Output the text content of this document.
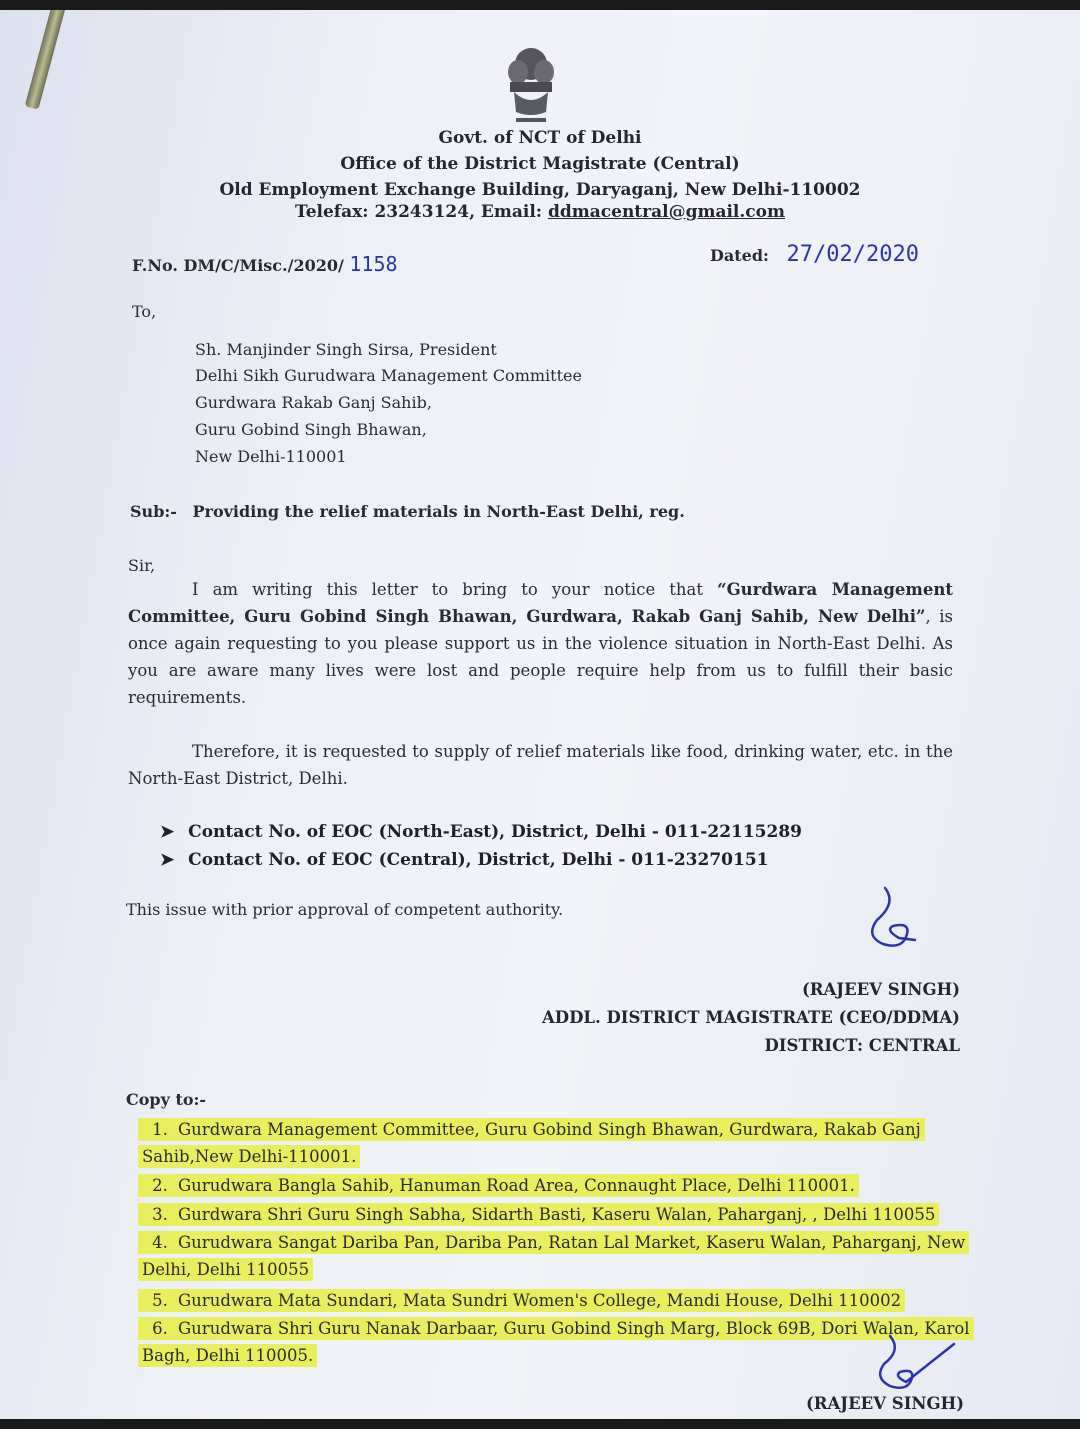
Govt. of NCT of Delhi
Office of the District Magistrate (Central)
Old Employment Exchange Building, Daryaganj, New Delhi-110002
Telefax: 23243124, Email: ddmacentral@gmail.com
F.No. DM/C/Misc./2020/ 1158	Dated: 27/02/2020
To,
Sh. Manjinder Singh Sirsa, President
Delhi Sikh Gurudwara Management Committee
Gurdwara Rakab Ganj Sahib,
Guru Gobind Singh Bhawan,
New Delhi-110001
Sub:- Providing the relief materials in North-East Delhi, reg.
Sir,
I am writing this letter to bring to your notice that “Gurdwara Management Committee, Guru Gobind Singh Bhawan, Gurdwara, Rakab Ganj Sahib, New Delhi”, is once again requesting to you please support us in the violence situation in North-East Delhi. As you are aware many lives were lost and people require help from us to fulfill their basic requirements.
Therefore, it is requested to supply of relief materials like food, drinking water, etc. in the North-East District, Delhi.
➤ Contact No. of EOC (North-East), District, Delhi - 011-22115289
➤ Contact No. of EOC (Central), District, Delhi - 011-23270151
This issue with prior approval of competent authority.
(RAJEEV SINGH)
ADDL. DISTRICT MAGISTRATE (CEO/DDMA)
DISTRICT: CENTRAL
Copy to:-
1. Gurdwara Management Committee, Guru Gobind Singh Bhawan, Gurdwara, Rakab Ganj Sahib,New Delhi-110001.
2. Gurudwara Bangla Sahib, Hanuman Road Area, Connaught Place, Delhi 110001.
3. Gurdwara Shri Guru Singh Sabha, Sidarth Basti, Kaseru Walan, Paharganj, , Delhi 110055
4. Gurudwara Sangat Dariba Pan, Dariba Pan, Ratan Lal Market, Kaseru Walan, Paharganj, New Delhi, Delhi 110055
5. Gurudwara Mata Sundari, Mata Sundri Women's College, Mandi House, Delhi 110002
6. Gurudwara Shri Guru Nanak Darbaar, Guru Gobind Singh Marg, Block 69B, Dori Walan, Karol Bagh, Delhi 110005.
(RAJEEV SINGH)
